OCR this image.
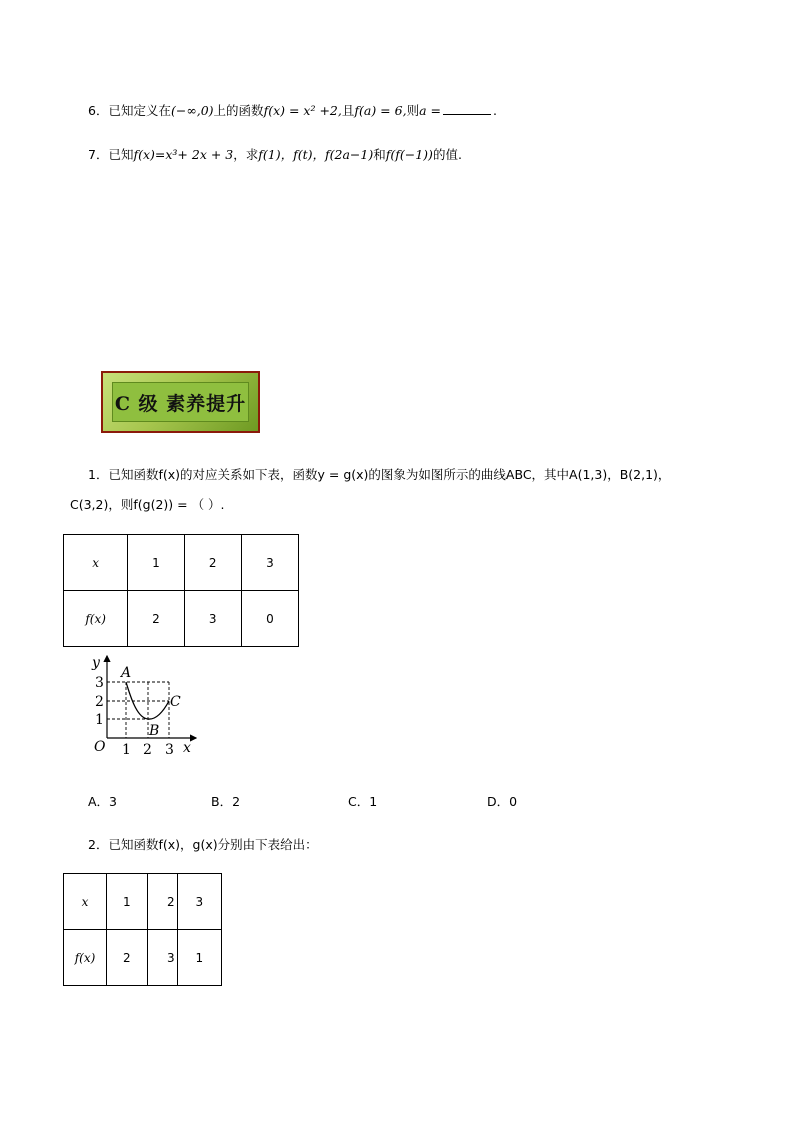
6．已知定义在(−∞,0)上的函数f(x) = x² +2,且f(a) = 6,则a =	.
7．已知f(x)=x³+ 2x + 3，求f(1)，f(t)，f(2a−1)和f(f(−1))的值.
C 级 素养提升
1．已知函数f(x)的对应关系如下表，函数y = g(x)的图象为如图所示的曲线ABC，其中A(1,3)，B(2,1)，
C(3,2)，则f(g(2)) = （ ）.
x	1	2	3
f(x)	2	3	0
y
x
O 1 2 3
1
2
3
A
B
C
A．3	B．2	C．1	D．0
2．已知函数f(x)，g(x)分别由下表给出：
x	1	2	3
f(x)	2	3	1
